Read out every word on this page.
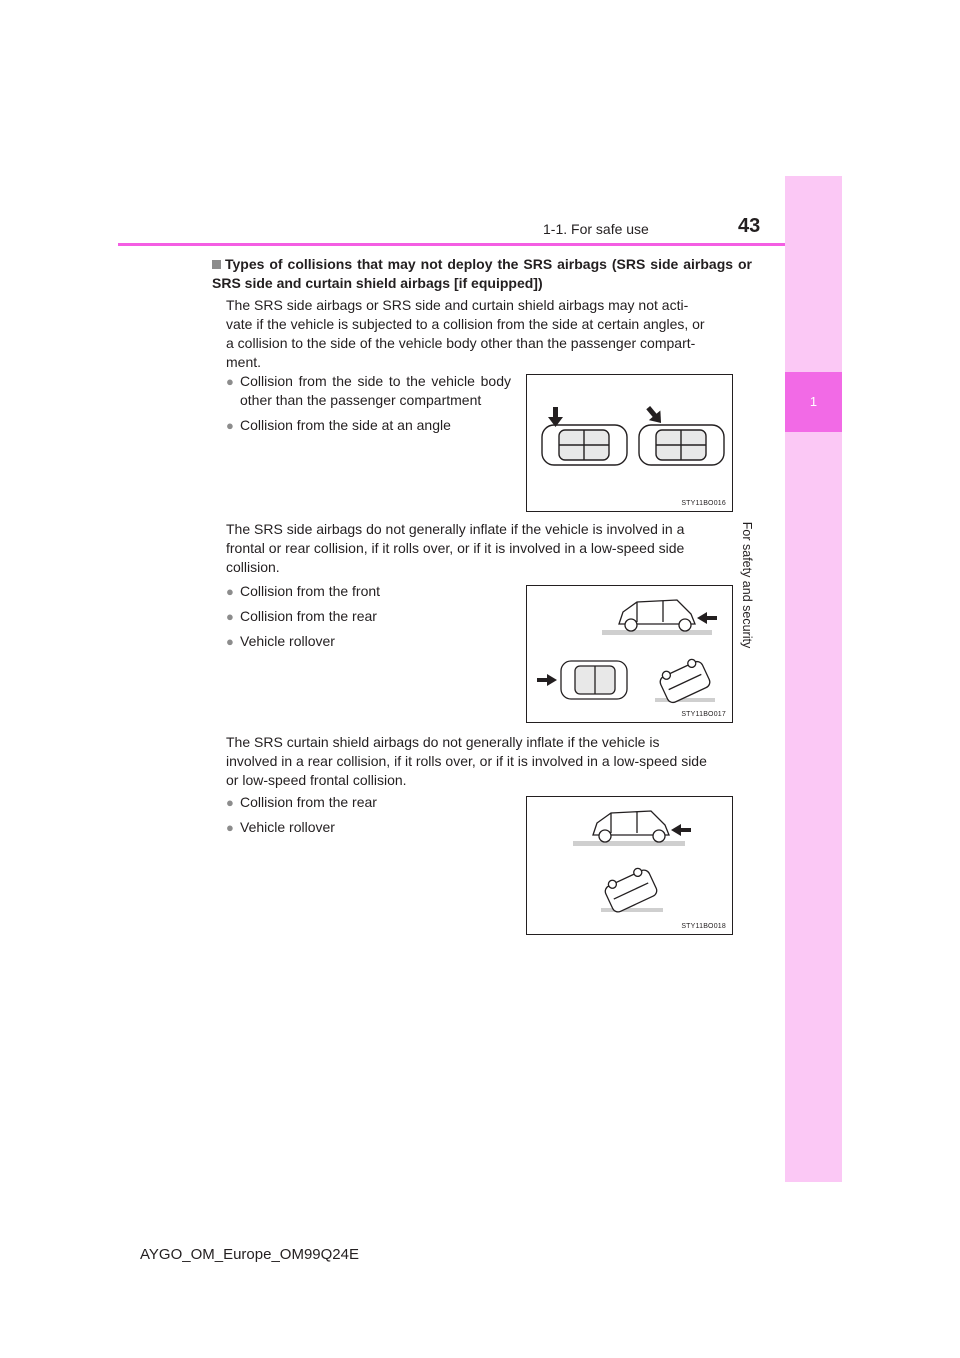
1
For safety and security
1-1. For safe use	43
Types of collisions that may not deploy the SRS airbags (SRS side airbags or SRS side and curtain shield airbags [if equipped])
The SRS side airbags or SRS side and curtain shield airbags may not acti-
vate if the vehicle is subjected to a collision from the side at certain angles, or
a collision to the side of the vehicle body other than the passenger compart-
ment.
● Collision from the side to the vehicle body other than the passenger compartment
● Collision from the side at an angle
STY11BO016
The SRS side airbags do not generally inflate if the vehicle is involved in a
frontal or rear collision, if it rolls over, or if it is involved in a low-speed side
collision.
● Collision from the front
● Collision from the rear
● Vehicle rollover
STY11BO017
The SRS curtain shield airbags do not generally inflate if the vehicle is
involved in a rear collision, if it rolls over, or if it is involved in a low-speed side
or low-speed frontal collision.
● Collision from the rear
● Vehicle rollover
STY11BO018
AYGO_OM_Europe_OM99Q24E
